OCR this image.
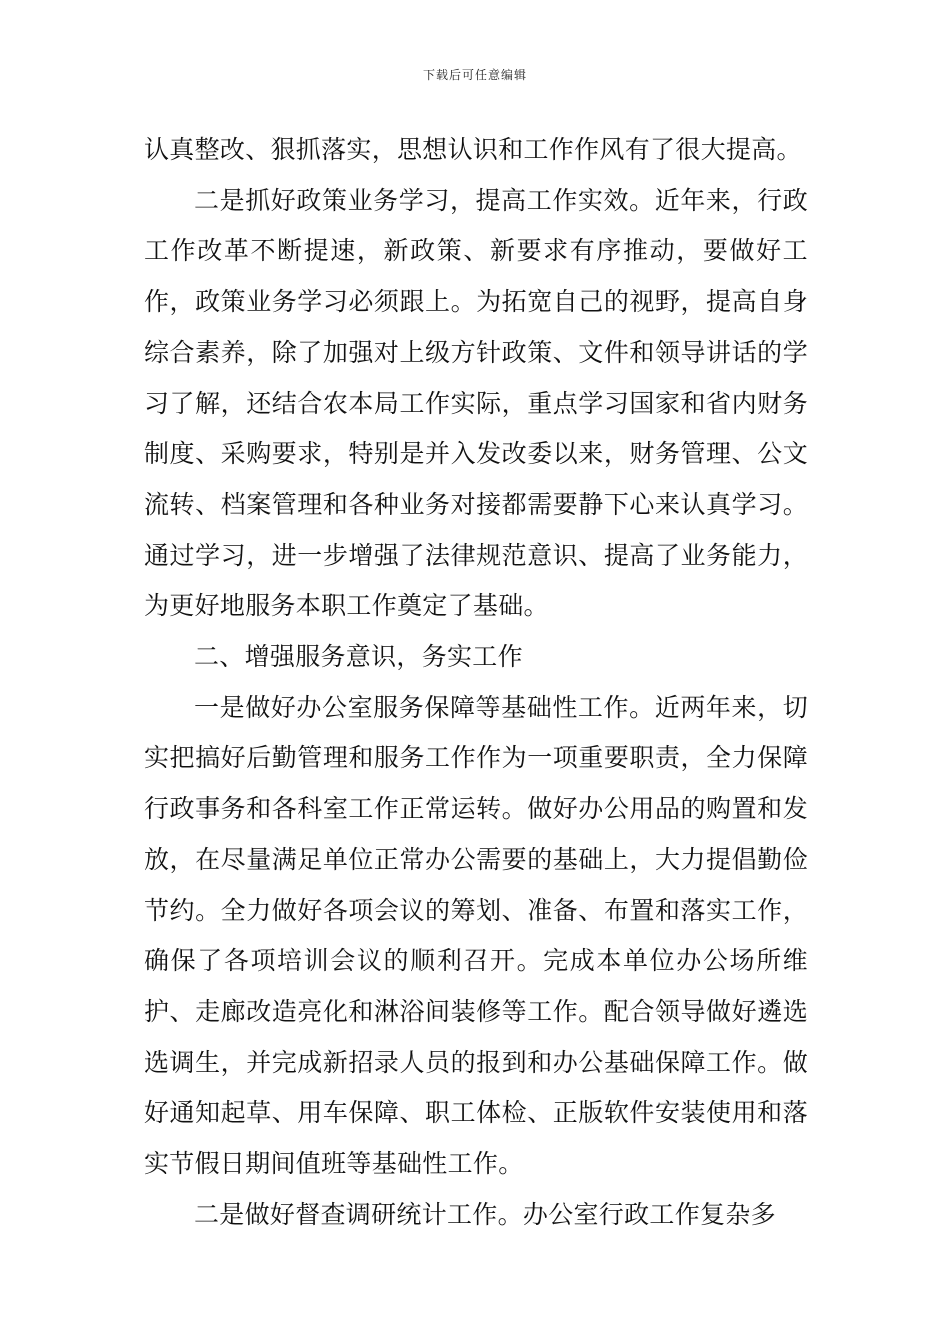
下载后可任意编辑

认真整改、狠抓落实，思想认识和工作作风有了很大提高。

二是抓好政策业务学习，提高工作实效。近年来，行政工作改革不断提速，新政策、新要求有序推动，要做好工作，政策业务学习必须跟上。为拓宽自己的视野，提高自身综合素养，除了加强对上级方针政策、文件和领导讲话的学习了解，还结合农本局工作实际，重点学习国家和省内财务制度、采购要求，特别是并入发改委以来，财务管理、公文流转、档案管理和各种业务对接都需要静下心来认真学习。通过学习，进一步增强了法律规范意识、提高了业务能力，为更好地服务本职工作奠定了基础。

二、增强服务意识，务实工作

一是做好办公室服务保障等基础性工作。近两年来，切实把搞好后勤管理和服务工作作为一项重要职责，全力保障行政事务和各科室工作正常运转。做好办公用品的购置和发放，在尽量满足单位正常办公需要的基础上，大力提倡勤俭节约。全力做好各项会议的筹划、准备、布置和落实工作，确保了各项培训会议的顺利召开。完成本单位办公场所维护、走廊改造亮化和淋浴间装修等工作。配合领导做好遴选选调生，并完成新招录人员的报到和办公基础保障工作。做好通知起草、用车保障、职工体检、正版软件安装使用和落实节假日期间值班等基础性工作。

二是做好督查调研统计工作。办公室行政工作复杂多
